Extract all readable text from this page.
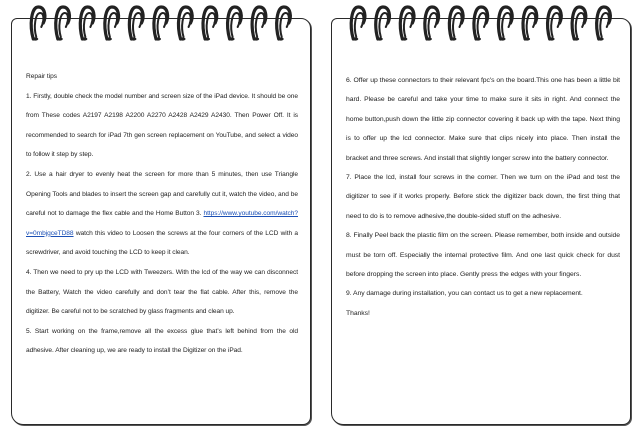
Repair tips

1. Firstly, double check the model number and screen size of the iPad device. It should be one from These codes A2197 A2198 A2200 A2270 A2428 A2429 A2430. Then Power Off. It is recommended to search for iPad 7th gen screen replacement on YouTube, and select a video to follow it step by step.

2. Use a hair dryer to evenly heat the screen for more than 5 minutes, then use Triangle Opening Tools and blades to insert the screen gap and carefully cut it, watch the video, and be careful not to damage the flex cable and the Home Button 3. https://www.youtube.com/watch?v=0mbjgceTD88 watch this video to Loosen the screws at the four corners of the LCD with a screwdriver, and avoid touching the LCD to keep it clean.

4. Then we need to pry up the LCD with Tweezers. With the lcd of the way we can disconnect the Battery, Watch the video carefully and don’t tear the flat cable. After this, remove the digitizer. Be careful not to be scratched by glass fragments and clean up.

5. Start working on the frame,remove all the excess glue that’s left behind from the old adhesive. After cleaning up, we are ready to install the Digitizer on the iPad.

6. Offer up these connectors to their relevant fpc's on the board.This one has been a little bit hard. Please be careful and take your time to make sure it sits in right. And connect the home button,push down the little zip connector covering it back up with the tape. Next thing is to offer up the lcd connector. Make sure that clips nicely into place. Then install the bracket and three screws. And install that slightly longer screw into the battery connector.

7. Place the lcd, install four screws in the corner. Then we turn on the iPad and test the digitizer to see if it works properly. Before stick the digitizer back down, the first thing that need to do is to remove adhesive,the double-sided stuff on the adhesive.

8. Finally Peel back the plastic film on the screen. Please remember, both inside and outside must be torn off. Especially the internal protective film. And one last quick check for dust before dropping the screen into place. Gently press the edges with your fingers.

9. Any damage during installation, you can contact us to get a new replacement.

Thanks!
